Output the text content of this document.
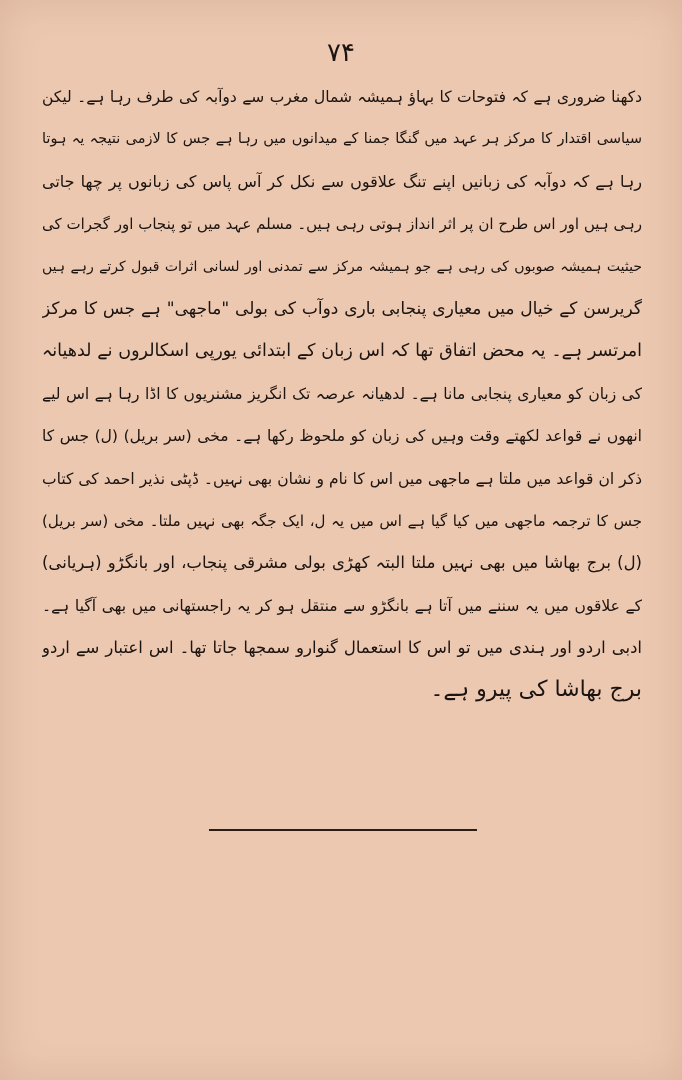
۷۴
دکھنا ضروری ہے کہ فتوحات کا بہاؤ ہمیشہ شمال مغرب سے دوآبہ کی طرف رہا ہے۔ لیکن
سیاسی اقتدار کا مرکز ہر عہد میں گنگا جمنا کے میدانوں میں رہا ہے جس کا لازمی نتیجہ یہ ہوتا
رہا ہے کہ دوآبہ کی زبانیں اپنے تنگ علاقوں سے نکل کر آس پاس کی زبانوں پر چھا جاتی
رہی ہیں اور اس طرح ان پر اثر انداز ہوتی رہی ہیں۔ مسلم عہد میں تو پنجاب اور گجرات کی
حیثیت ہمیشہ صوبوں کی رہی ہے جو ہمیشہ مرکز سے تمدنی اور لسانی اثرات قبول کرتے رہے ہیں
گریرسن کے خیال میں معیاری پنجابی باری دوآب کی بولی "ماجھی" ہے جس کا مرکز
امرتسر ہے۔ یہ محض اتفاق تھا کہ اس زبان کے ابتدائی یورپی اسکالروں نے لدھیانہ
کی زبان کو معیاری پنجابی مانا ہے۔ لدھیانہ عرصہ تک انگریز مشنریوں کا اڈا رہا ہے اس لیے
انھوں نے قواعد لکھتے وقت وہیں کی زبان کو ملحوظ رکھا ہے۔ مخی (سر بریل) (ل) جس کا
ذکر ان قواعد میں ملتا ہے ماجھی میں اس کا نام و نشان بھی نہیں۔ ڈپٹی نذیر احمد کی کتاب
جس کا ترجمہ ماجھی میں کیا گیا ہے اس میں یہ ل، ایک جگہ بھی نہیں ملتا۔ مخی (سر بریل)
(ل) برج بھاشا میں بھی نہیں ملتا البتہ کھڑی بولی مشرقی پنجاب، اور بانگڑو (ہریانی)
کے علاقوں میں یہ سننے میں آتا ہے بانگڑو سے منتقل ہو کر یہ راجستھانی میں بھی آگیا ہے۔
ادبی اردو اور ہندی میں تو اس کا استعمال گنوارو سمجھا جاتا تھا۔ اس اعتبار سے اردو
برج بھاشا کی پیرو ہے۔
